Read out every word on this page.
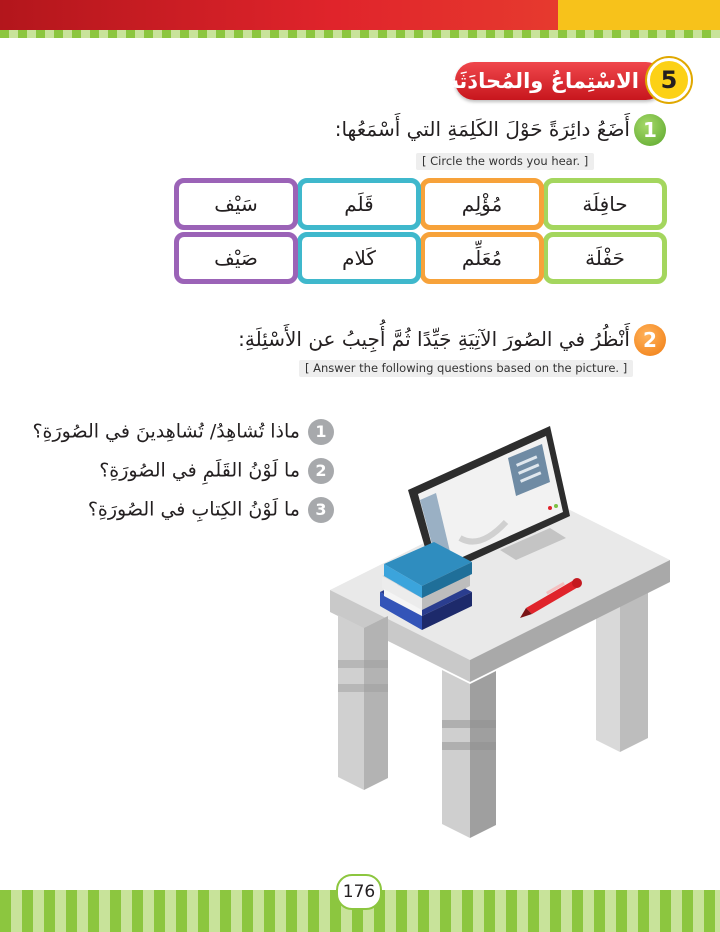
الاسْتِماعُ والمُحادَثَةُ 5
1
أَضَعُ دائِرَةً حَوْلَ الكَلِمَةِ التي أَسْمَعُها:
[ Circle the words you hear. ]
حافِلَة
مُؤْلِم
قَلَم
سَيْف
حَفْلَة
مُعَلِّم
كَلام
صَيْف
2
أَنْظُرُ في الصُورَ الآتِيَةِ جَيِّدًا ثُمَّ أُجِيبُ عن الأَسْئِلَةِ:
[ Answer the following questions based on the picture. ]
1ماذا تُشاهِدُ/ تُشاهِدينَ في الصُورَةِ؟
2ما لَوْنُ القَلَمِ في الصُورَةِ؟
3ما لَوْنُ الكِتابِ في الصُورَةِ؟
176
